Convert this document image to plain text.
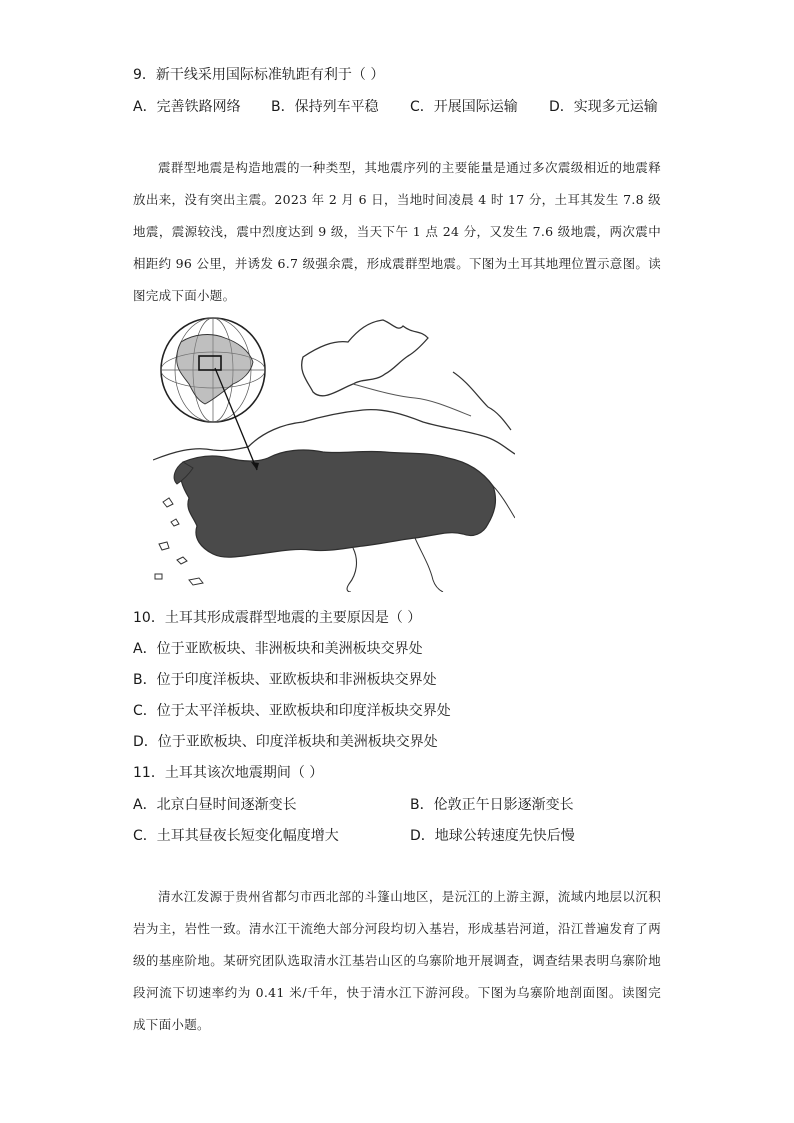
9．新干线采用国际标准轨距有利于（ ）
A．完善铁路网络 B．保持列车平稳 C．开展国际运输 D．实现多元运输
震群型地震是构造地震的一种类型，其地震序列的主要能量是通过多次震级相近的地震释放出来，没有突出主震。2023 年 2 月 6 日，当地时间凌晨 4 时 17 分，土耳其发生 7.8 级地震，震源较浅，震中烈度达到 9 级，当天下午 1 点 24 分，又发生 7.6 级地震，两次震中相距约 96 公里，并诱发 6.7 级强余震，形成震群型地震。下图为土耳其地理位置示意图。读图完成下面小题。
10．土耳其形成震群型地震的主要原因是（ ）
A．位于亚欧板块、非洲板块和美洲板块交界处
B．位于印度洋板块、亚欧板块和非洲板块交界处
C．位于太平洋板块、亚欧板块和印度洋板块交界处
D．位于亚欧板块、印度洋板块和美洲板块交界处
11．土耳其该次地震期间（ ）
A．北京白昼时间逐渐变长	B．伦敦正午日影逐渐变长
C．土耳其昼夜长短变化幅度增大	D．地球公转速度先快后慢
清水江发源于贵州省都匀市西北部的斗篷山地区，是沅江的上游主源，流域内地层以沉积岩为主，岩性一致。清水江干流绝大部分河段均切入基岩，形成基岩河道，沿江普遍发育了两级的基座阶地。某研究团队选取清水江基岩山区的乌寨阶地开展调查，调查结果表明乌寨阶地段河流下切速率约为 0.41 米/千年，快于清水江下游河段。下图为乌寨阶地剖面图。读图完成下面小题。
